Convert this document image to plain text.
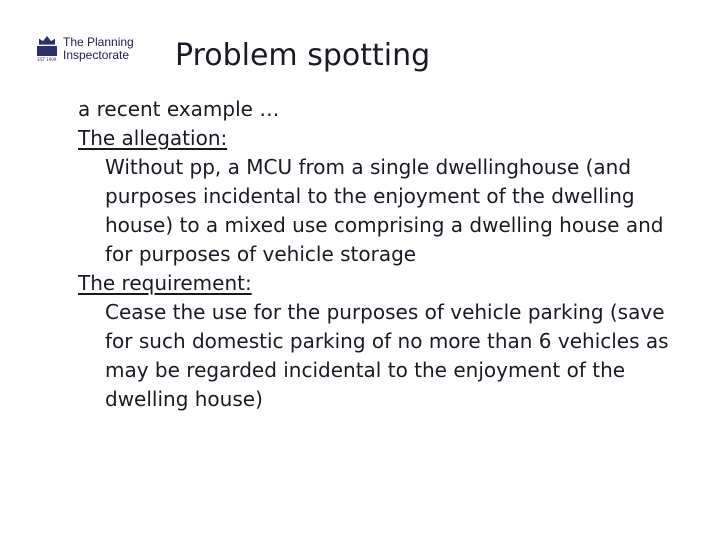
EST 1909
The Planning
Inspectorate Problem spotting

a recent example …

The allegation:

Without pp, a MCU from a single dwellinghouse (and purposes incidental to the enjoyment of the dwelling house) to a mixed use comprising a dwelling house and for purposes of vehicle storage

The requirement:

Cease the use for the purposes of vehicle parking (save for such domestic parking of no more than 6 vehicles as may be regarded incidental to the enjoyment of the dwelling house)
